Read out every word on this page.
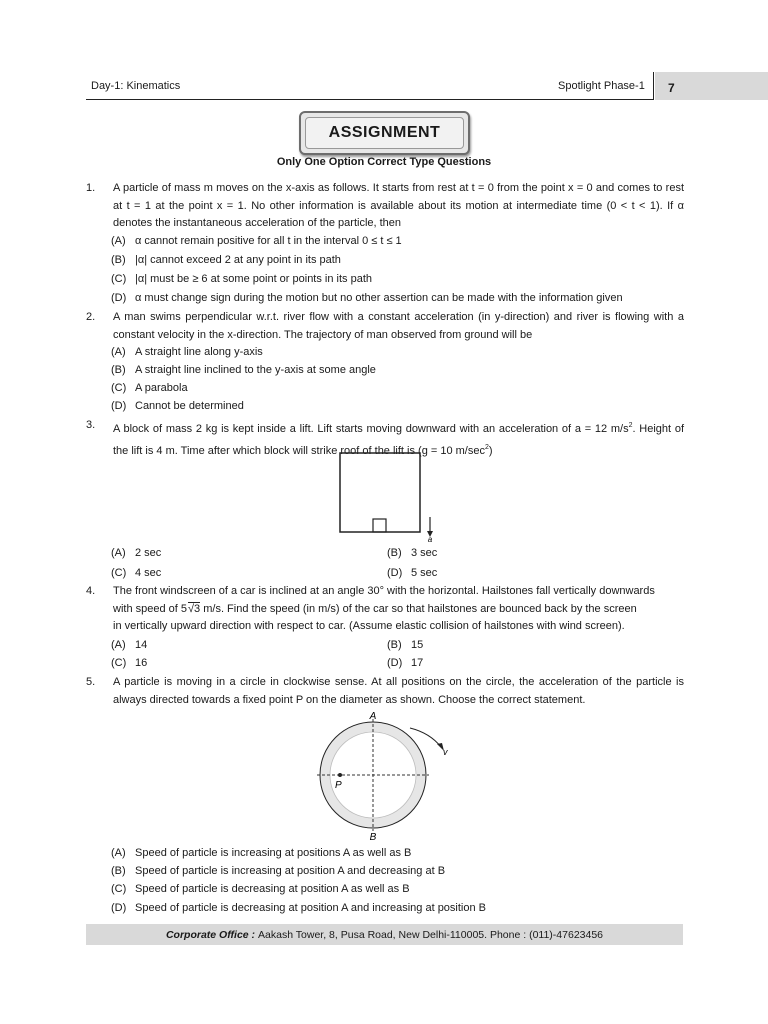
Day-1: Kinematics	Spotlight Phase-1 7
ASSIGNMENT
Only One Option Correct Type Questions
1.	A particle of mass m moves on the x-axis as follows. It starts from rest at t = 0 from the point x = 0 and comes to rest at t = 1 at the point x = 1. No other information is available about its motion at intermediate time (0 < t < 1). If α denotes the instantaneous acceleration of the particle, then
(A) α cannot remain positive for all t in the interval 0 ≤ t ≤ 1
(B) |α| cannot exceed 2 at any point in its path
(C) |α| must be ≥ 6 at some point or points in its path
(D) α must change sign during the motion but no other assertion can be made with the information given
2.	A man swims perpendicular w.r.t. river flow with a constant acceleration (in y-direction) and river is flowing with a constant velocity in the x-direction. The trajectory of man observed from ground will be
(A) A straight line along y-axis
(B) A straight line inclined to the y-axis at some angle
(C) A parabola
(D) Cannot be determined
3.	A block of mass 2 kg is kept inside a lift. Lift starts moving downward with an acceleration of a = 12 $m/s^2$. Height of the lift is 4 m. Time after which block will strike roof of the lift is (g = 10 $m/\sec^2$)
a
(A) 2 sec	(B) 3 sec
(C) 4 sec	(D) 5 sec
4.	The front windscreen of a car is inclined at an angle 30° with the horizontal. Hailstones fall vertically downwards
with speed of 5√3 m/s. Find the speed (in m/s) of the car so that hailstones are bounced back by the screen
in vertically upward direction with respect to car. (Assume elastic collision of hailstones with wind screen).
(A) 14	(B) 15
(C) 16	(D) 17
5.	A particle is moving in a circle in clockwise sense. At all positions on the circle, the acceleration of the particle is always directed towards a fixed point P on the diameter as shown. Choose the correct statement.
A
B
P
v
(A) Speed of particle is increasing at positions A as well as B
(B) Speed of particle is increasing at position A and decreasing at B
(C) Speed of particle is decreasing at position A as well as B
(D) Speed of particle is decreasing at position A and increasing at position B
Corporate Office : Aakash Tower, 8, Pusa Road, New Delhi-110005. Phone : (011)-47623456
